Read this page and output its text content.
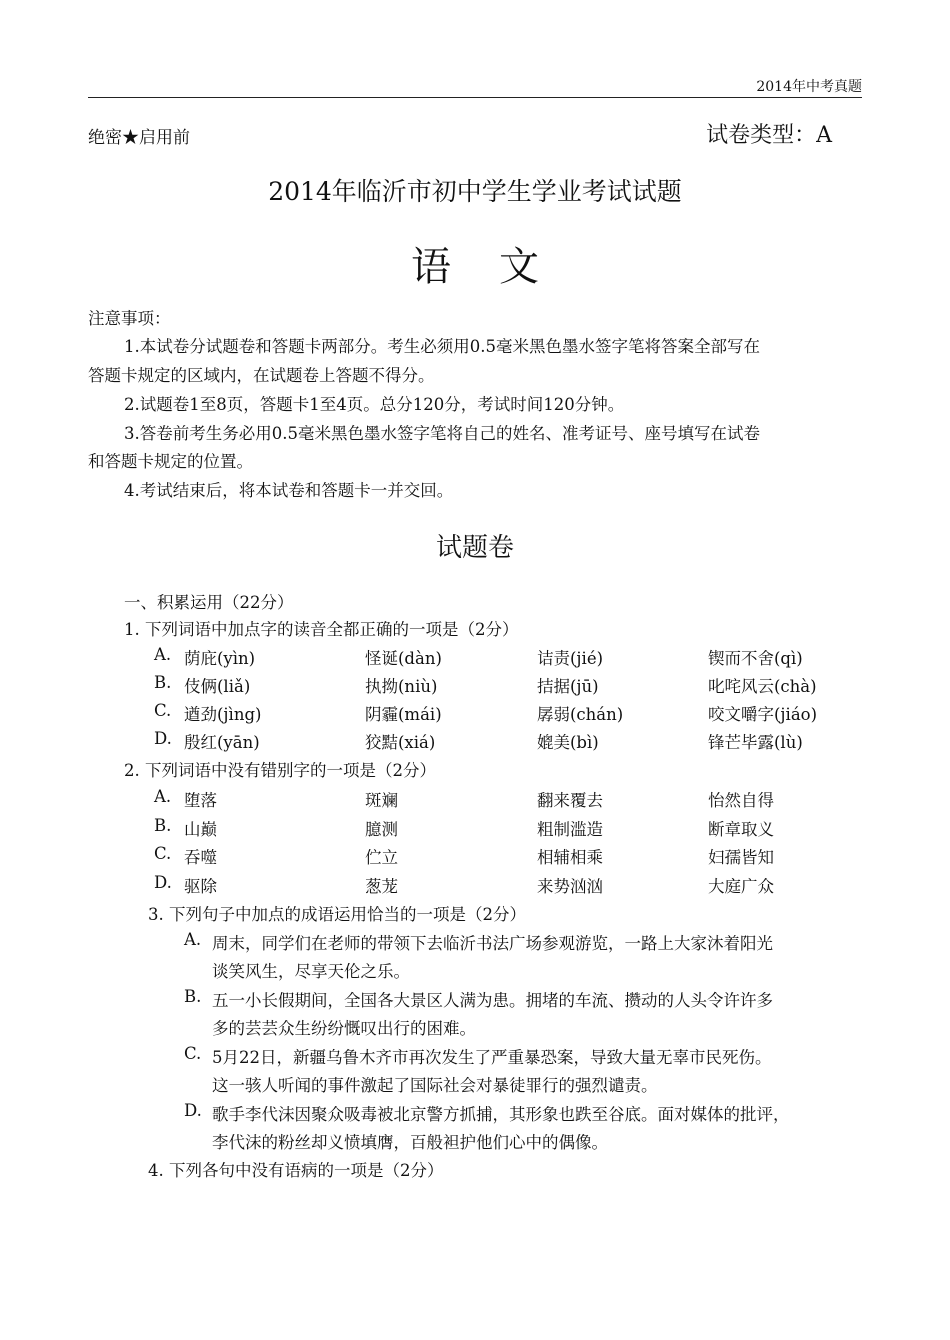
2014年中考真题
绝密★启用前	试卷类型：A
2014年临沂市初中学生学业考试试题
语文
注意事项：
1.本试卷分试题卷和答题卡两部分。考生必须用0.5毫米黑色墨水签字笔将答案全部写在
答题卡规定的区域内，在试题卷上答题不得分。
2.试题卷1至8页，答题卡1至4页。总分120分，考试时间120分钟。
3.答卷前考生务必用0.5毫米黑色墨水签字笔将自己的姓名、准考证号、座号填写在试卷
和答题卡规定的位置。
4.考试结束后，将本试卷和答题卡一并交回。
试题卷
一、积累运用（22分）
1. 下列词语中加点字的读音全都正确的一项是（2分）
A. 荫庇(yìn)	怪诞(dàn)	诘责(jié)	锲而不舍(qì)
B. 伎俩(liǎ)	执拗(niù)	拮据(jū)	叱咤风云(chà)
C. 遒劲(jìng)	阴霾(mái)	孱弱(chán)	咬文嚼字(jiáo)
D. 殷红(yān)	狡黠(xiá)	媲美(bì)	锋芒毕露(lù)
2. 下列词语中没有错别字的一项是（2分）
A. 堕落	斑斓	翻来覆去	怡然自得
B. 山巅	臆测	粗制滥造	断章取义
C. 吞噬	伫立	相辅相乘	妇孺皆知
D. 驱除	葱茏	来势汹汹	大庭广众
3. 下列句子中加点的成语运用恰当的一项是（2分）
A. 周末，同学们在老师的带领下去临沂书法广场参观游览，一路上大家沐着阳光
谈笑风生，尽享天伦之乐。
B. 五一小长假期间，全国各大景区人满为患。拥堵的车流、攒动的人头令许许多
多的芸芸众生纷纷慨叹出行的困难。
C. 5月22日，新疆乌鲁木齐市再次发生了严重暴恐案，导致大量无辜市民死伤。
这一骇人听闻的事件激起了国际社会对暴徒罪行的强烈谴责。
D. 歌手李代沫因聚众吸毒被北京警方抓捕，其形象也跌至谷底。面对媒体的批评，
李代沫的粉丝却义愤填膺，百般袒护他们心中的偶像。
4. 下列各句中没有语病的一项是（2分）
